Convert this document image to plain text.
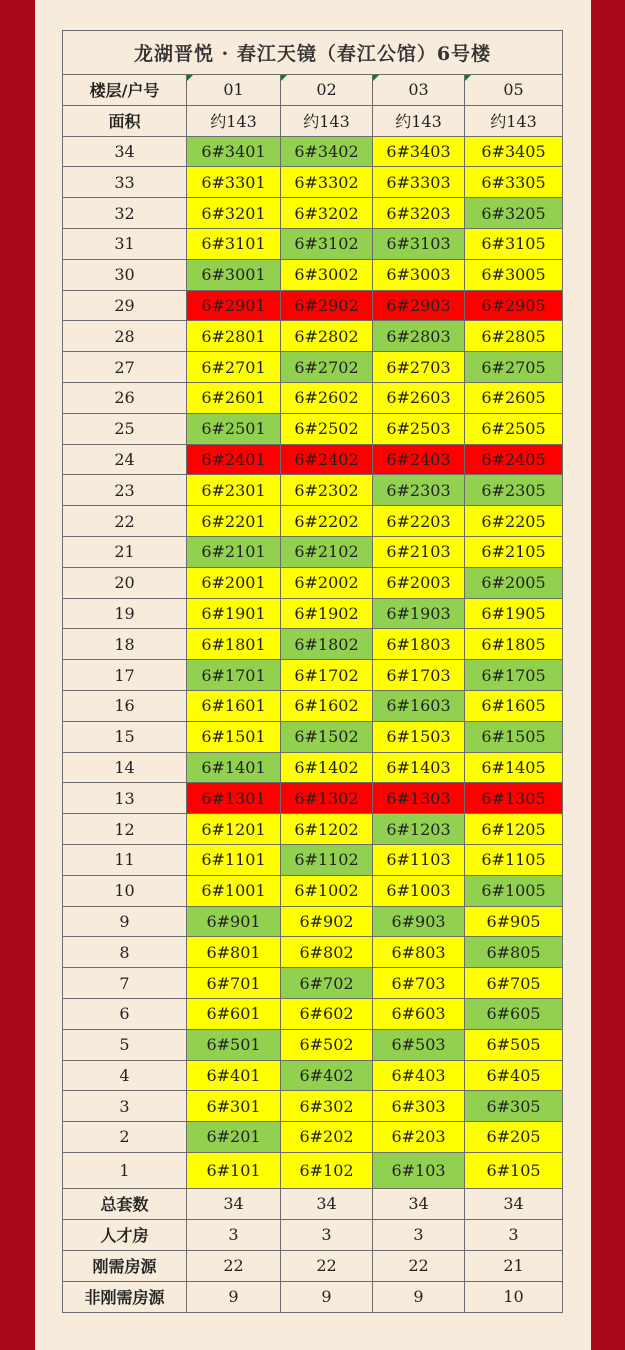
龙湖晋悦 · 春江天镜（春江公馆）6号楼				
楼层/户号	01	02	03	05
面积	约143	约143	约143	约143
34	6#3401	6#3402	6#3403	6#3405
33	6#3301	6#3302	6#3303	6#3305
32	6#3201	6#3202	6#3203	6#3205
31	6#3101	6#3102	6#3103	6#3105
30	6#3001	6#3002	6#3003	6#3005
29	6#2901	6#2902	6#2903	6#2905
28	6#2801	6#2802	6#2803	6#2805
27	6#2701	6#2702	6#2703	6#2705
26	6#2601	6#2602	6#2603	6#2605
25	6#2501	6#2502	6#2503	6#2505
24	6#2401	6#2402	6#2403	6#2405
23	6#2301	6#2302	6#2303	6#2305
22	6#2201	6#2202	6#2203	6#2205
21	6#2101	6#2102	6#2103	6#2105
20	6#2001	6#2002	6#2003	6#2005
19	6#1901	6#1902	6#1903	6#1905
18	6#1801	6#1802	6#1803	6#1805
17	6#1701	6#1702	6#1703	6#1705
16	6#1601	6#1602	6#1603	6#1605
15	6#1501	6#1502	6#1503	6#1505
14	6#1401	6#1402	6#1403	6#1405
13	6#1301	6#1302	6#1303	6#1305
12	6#1201	6#1202	6#1203	6#1205
11	6#1101	6#1102	6#1103	6#1105
10	6#1001	6#1002	6#1003	6#1005
9	6#901	6#902	6#903	6#905
8	6#801	6#802	6#803	6#805
7	6#701	6#702	6#703	6#705
6	6#601	6#602	6#603	6#605
5	6#501	6#502	6#503	6#505
4	6#401	6#402	6#403	6#405
3	6#301	6#302	6#303	6#305
2	6#201	6#202	6#203	6#205
1	6#101	6#102	6#103	6#105
总套数	34	34	34	34
人才房	3	3	3	3
刚需房源	22	22	22	21
非刚需房源	9	9	9	10
